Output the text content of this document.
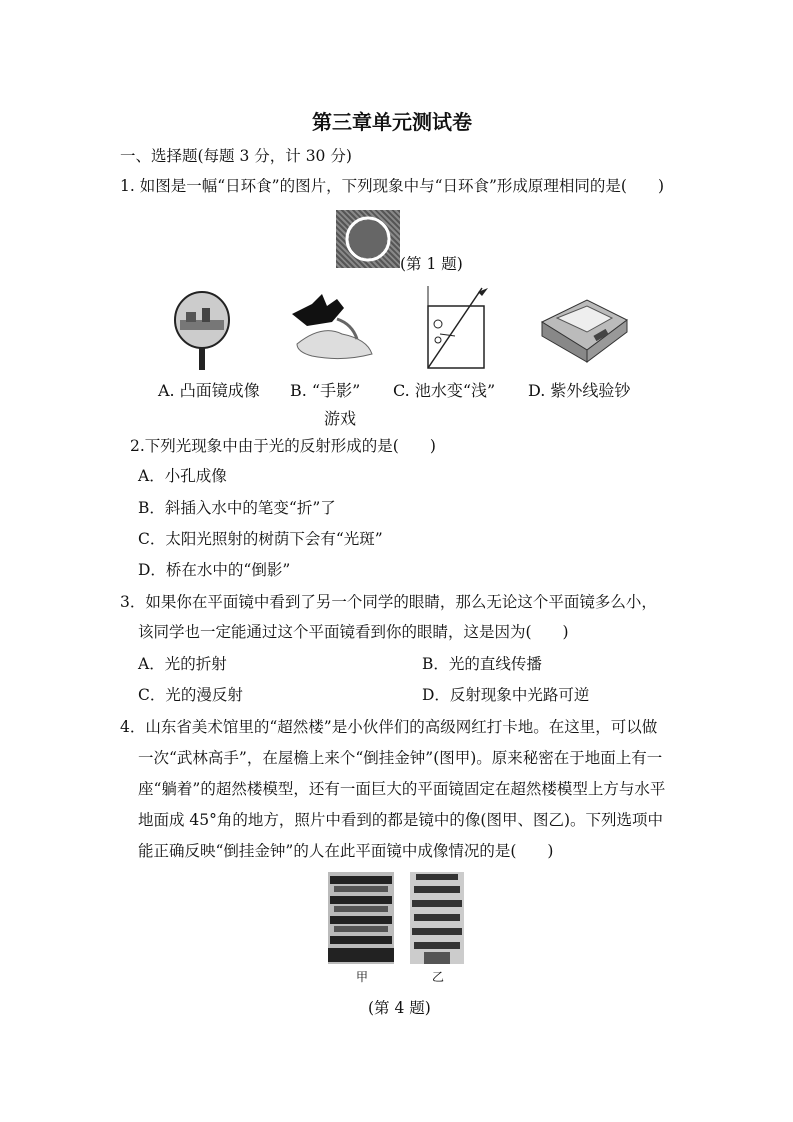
第三章单元测试卷
一、选择题(每题 3 分，计 30 分)
1. 如图是一幅“日环食”的图片，下列现象中与“日环食”形成原理相同的是(　　)
(第 1 题)
A. 凸面镜成像 B. “手影”
游戏
C. 池水变“浅” D. 紫外线验钞
2.下列光现象中由于光的反射形成的是(　　)
A．小孔成像
B．斜插入水中的笔变“折”了
C．太阳光照射的树荫下会有“光斑”
D．桥在水中的“倒影”
3．如果你在平面镜中看到了另一个同学的眼睛，那么无论这个平面镜多么小，
该同学也一定能通过这个平面镜看到你的眼睛，这是因为(　　)
A．光的折射	B．光的直线传播
C．光的漫反射	D．反射现象中光路可逆
4．山东省美术馆里的“超然楼”是小伙伴们的高级网红打卡地。在这里，可以做
一次“武林高手”，在屋檐上来个“倒挂金钟”(图甲)。原来秘密在于地面上有一
座“躺着”的超然楼模型，还有一面巨大的平面镜固定在超然楼模型上方与水平
地面成 45°角的地方，照片中看到的都是镜中的像(图甲、图乙)。下列选项中
能正确反映“倒挂金钟”的人在此平面镜中成像情况的是(　　)
甲	乙
(第 4 题)
